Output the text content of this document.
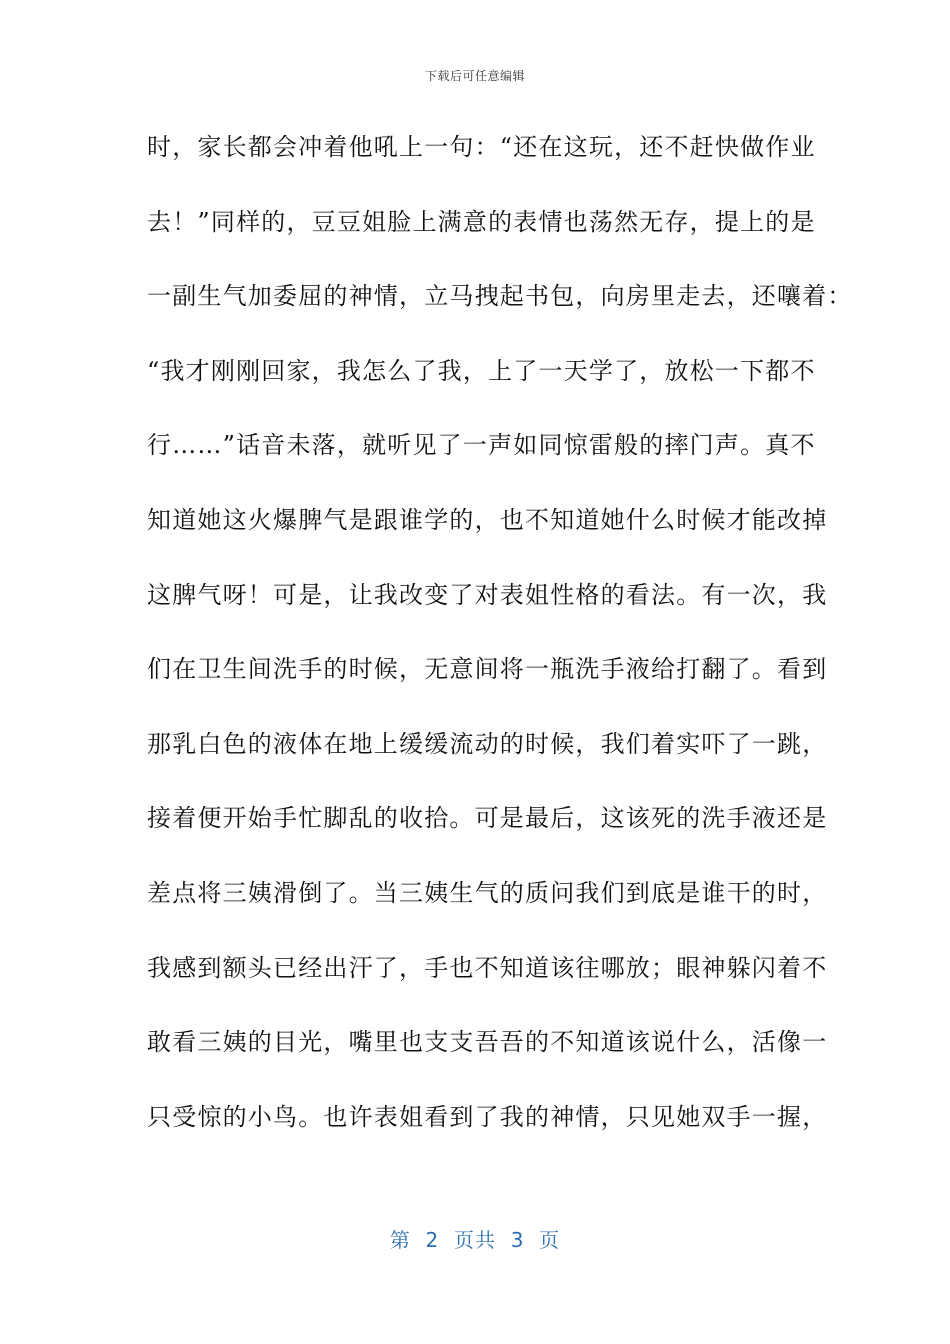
下载后可任意编辑
时，家长都会冲着他吼上一句：“还在这玩，还不赶快做作业
去！”同样的，豆豆姐脸上满意的表情也荡然无存，提上的是
一副生气加委屈的神情，立马拽起书包，向房里走去，还嚷着：
“我才刚刚回家，我怎么了我，上了一天学了，放松一下都不
行……”话音未落，就听见了一声如同惊雷般的摔门声。真不
知道她这火爆脾气是跟谁学的，也不知道她什么时候才能改掉
这脾气呀！可是，让我改变了对表姐性格的看法。有一次，我
们在卫生间洗手的时候，无意间将一瓶洗手液给打翻了。看到
那乳白色的液体在地上缓缓流动的时候，我们着实吓了一跳，
接着便开始手忙脚乱的收拾。可是最后，这该死的洗手液还是
差点将三姨滑倒了。当三姨生气的质问我们到底是谁干的时，
我感到额头已经出汗了，手也不知道该往哪放；眼神躲闪着不
敢看三姨的目光，嘴里也支支吾吾的不知道该说什么，活像一
只受惊的小鸟。也许表姐看到了我的神情，只见她双手一握，
第  2  页共  3  页
